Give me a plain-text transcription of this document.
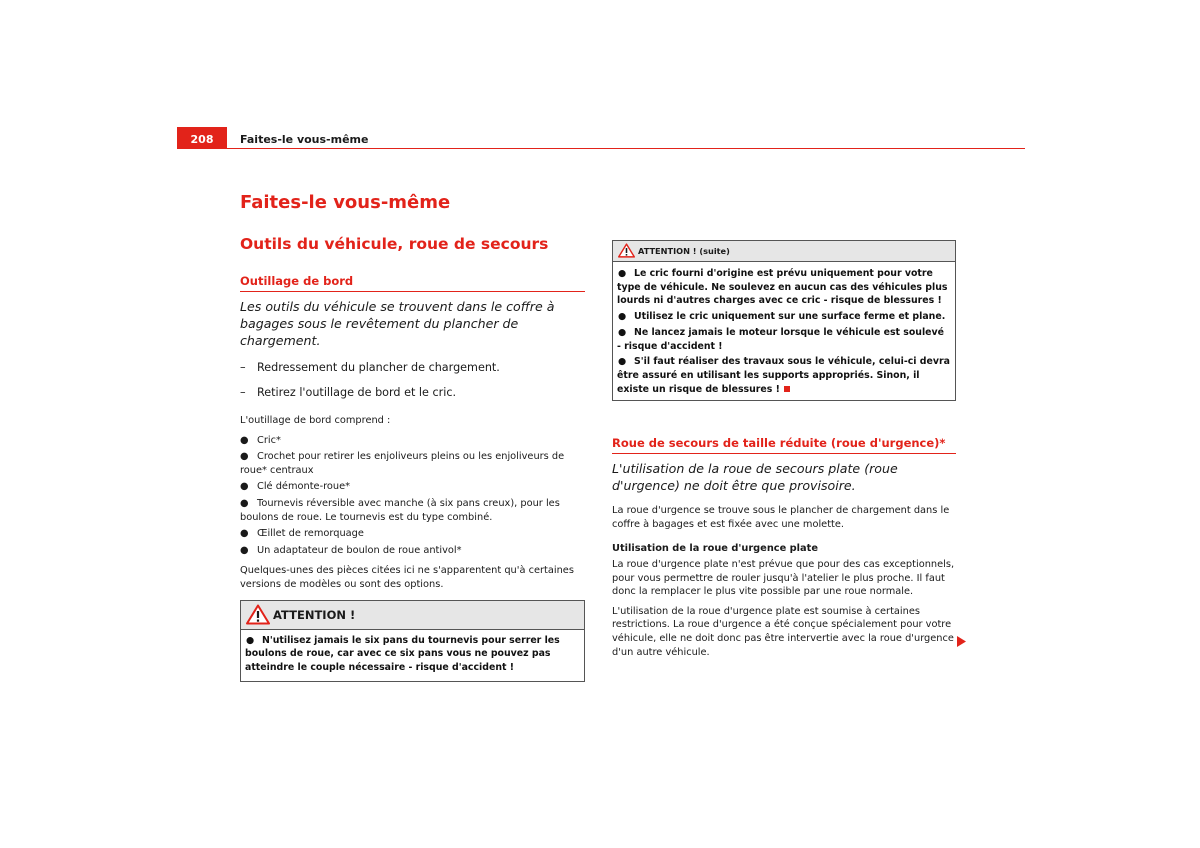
208	Faites-le vous-même
Faites-le vous-même
Outils du véhicule, roue de secours
Outillage de bord

Les outils du véhicule se trouvent dans le coffre à bagages sous le revêtement du plancher de chargement.

– Redressement du plancher de chargement.

– Retirez l'outillage de bord et le cric.

L'outillage de bord comprend :

● Cric*

● Crochet pour retirer les enjoliveurs pleins ou les enjoliveurs de roue* centraux

● Clé démonte-roue*

● Tournevis réversible avec manche (à six pans creux), pour les boulons de roue. Le tournevis est du type combiné.

● Œillet de remorquage

● Un adaptateur de boulon de roue antivol*

Quelques-unes des pièces citées ici ne s'apparentent qu'à certaines versions de modèles ou sont des options.

ATTENTION !

● N'utilisez jamais le six pans du tournevis pour serrer les boulons de roue, car avec ce six pans vous ne pouvez pas atteindre le couple nécessaire - risque d'accident !

ATTENTION ! (suite)

● Le cric fourni d'origine est prévu uniquement pour votre type de véhicule. Ne soulevez en aucun cas des véhicules plus lourds ni d'autres charges avec ce cric - risque de blessures !

● Utilisez le cric uniquement sur une surface ferme et plane.

● Ne lancez jamais le moteur lorsque le véhicule est soulevé - risque d'accident !

● S'il faut réaliser des travaux sous le véhicule, celui-ci devra être assuré en utilisant les supports appropriés. Sinon, il existe un risque de blessures !

Roue de secours de taille réduite (roue d'urgence)*

L'utilisation de la roue de secours plate (roue d'urgence) ne doit être que provisoire.

La roue d'urgence se trouve sous le plancher de chargement dans le coffre à bagages et est fixée avec une molette.

Utilisation de la roue d'urgence plate

La roue d'urgence plate n'est prévue que pour des cas exceptionnels, pour vous permettre de rouler jusqu'à l'atelier le plus proche. Il faut donc la remplacer le plus vite possible par une roue normale.

L'utilisation de la roue d'urgence plate est soumise à certaines restrictions. La roue d'urgence a été conçue spécialement pour votre véhicule, elle ne doit donc pas être intervertie avec la roue d'urgence d'un autre véhicule.
